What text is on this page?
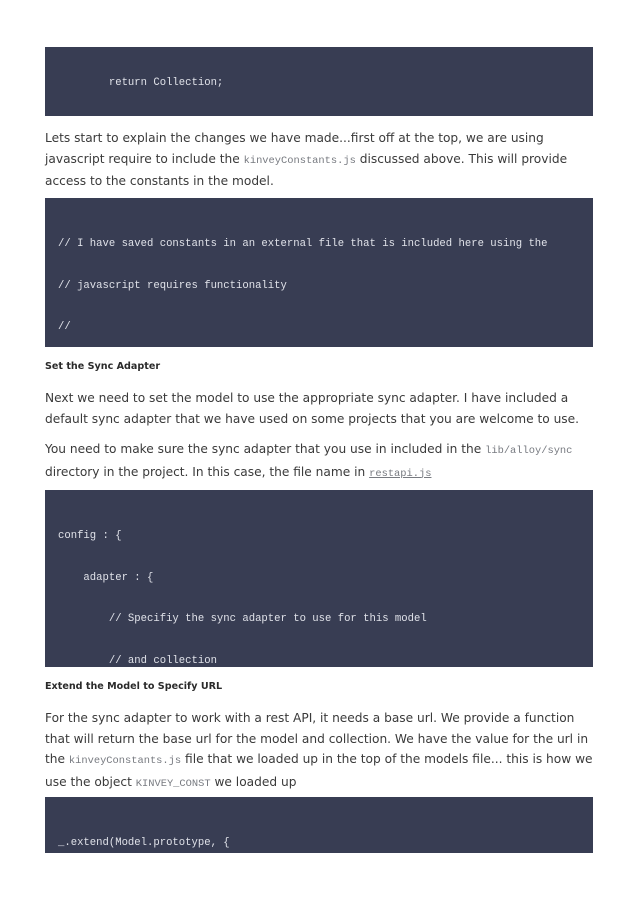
return Collection;

Lets start to explain the changes we have made...first off at the top, we are using javascript require to include the kinveyConstants.js discussed above. This will provide access to the constants in the model.

// I have saved constants in an external file that is included here using the

// javascript requires functionality

//

Set the Sync Adapter

Next we need to set the model to use the appropriate sync adapter. I have included a default sync adapter that we have used on some projects that you are welcome to use.

You need to make sure the sync adapter that you use in included in the lib/alloy/sync directory in the project. In this case, the file name in restapi.js

config : {

adapter : {

// Specifiy the sync adapter to use for this model

// and collection

Extend the Model to Specify URL

For the sync adapter to work with a rest API, it needs a base url. We provide a function that will return the base url for the model and collection. We have the value for the url in the kinveyConstants.js file that we loaded up in the top of the models file... this is how we use the object KINVEY_CONST we loaded up

_.extend(Model.prototype, {
